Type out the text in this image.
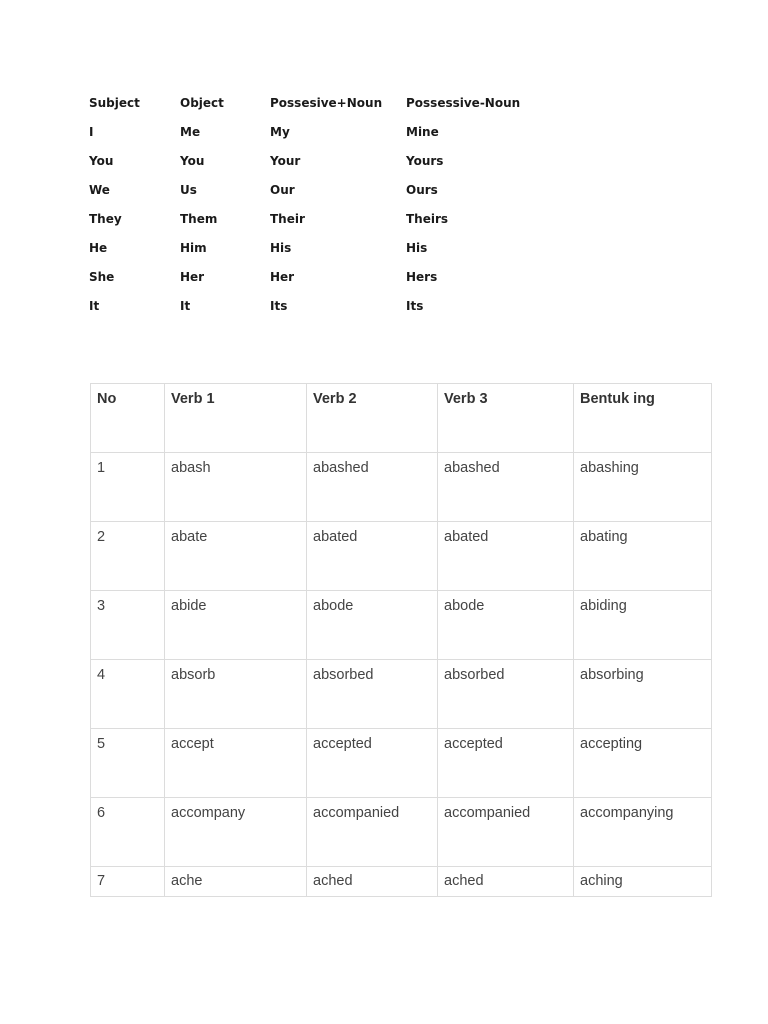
Subject	Object	Possesive+Noun	Possessive-Noun
I	Me	My	Mine
You	You	Your	Yours
We	Us	Our	Ours
They	Them	Their	Theirs
He	Him	His	His
She	Her	Her	Hers
It	It	Its	Its
No	Verb 1	Verb 2	Verb 3	Bentuk ing
1	abash	abashed	abashed	abashing
2	abate	abated	abated	abating
3	abide	abode	abode	abiding
4	absorb	absorbed	absorbed	absorbing
5	accept	accepted	accepted	accepting
6	accompany	accompanied	accompanied	accompanying
7	ache	ached	ached	aching
